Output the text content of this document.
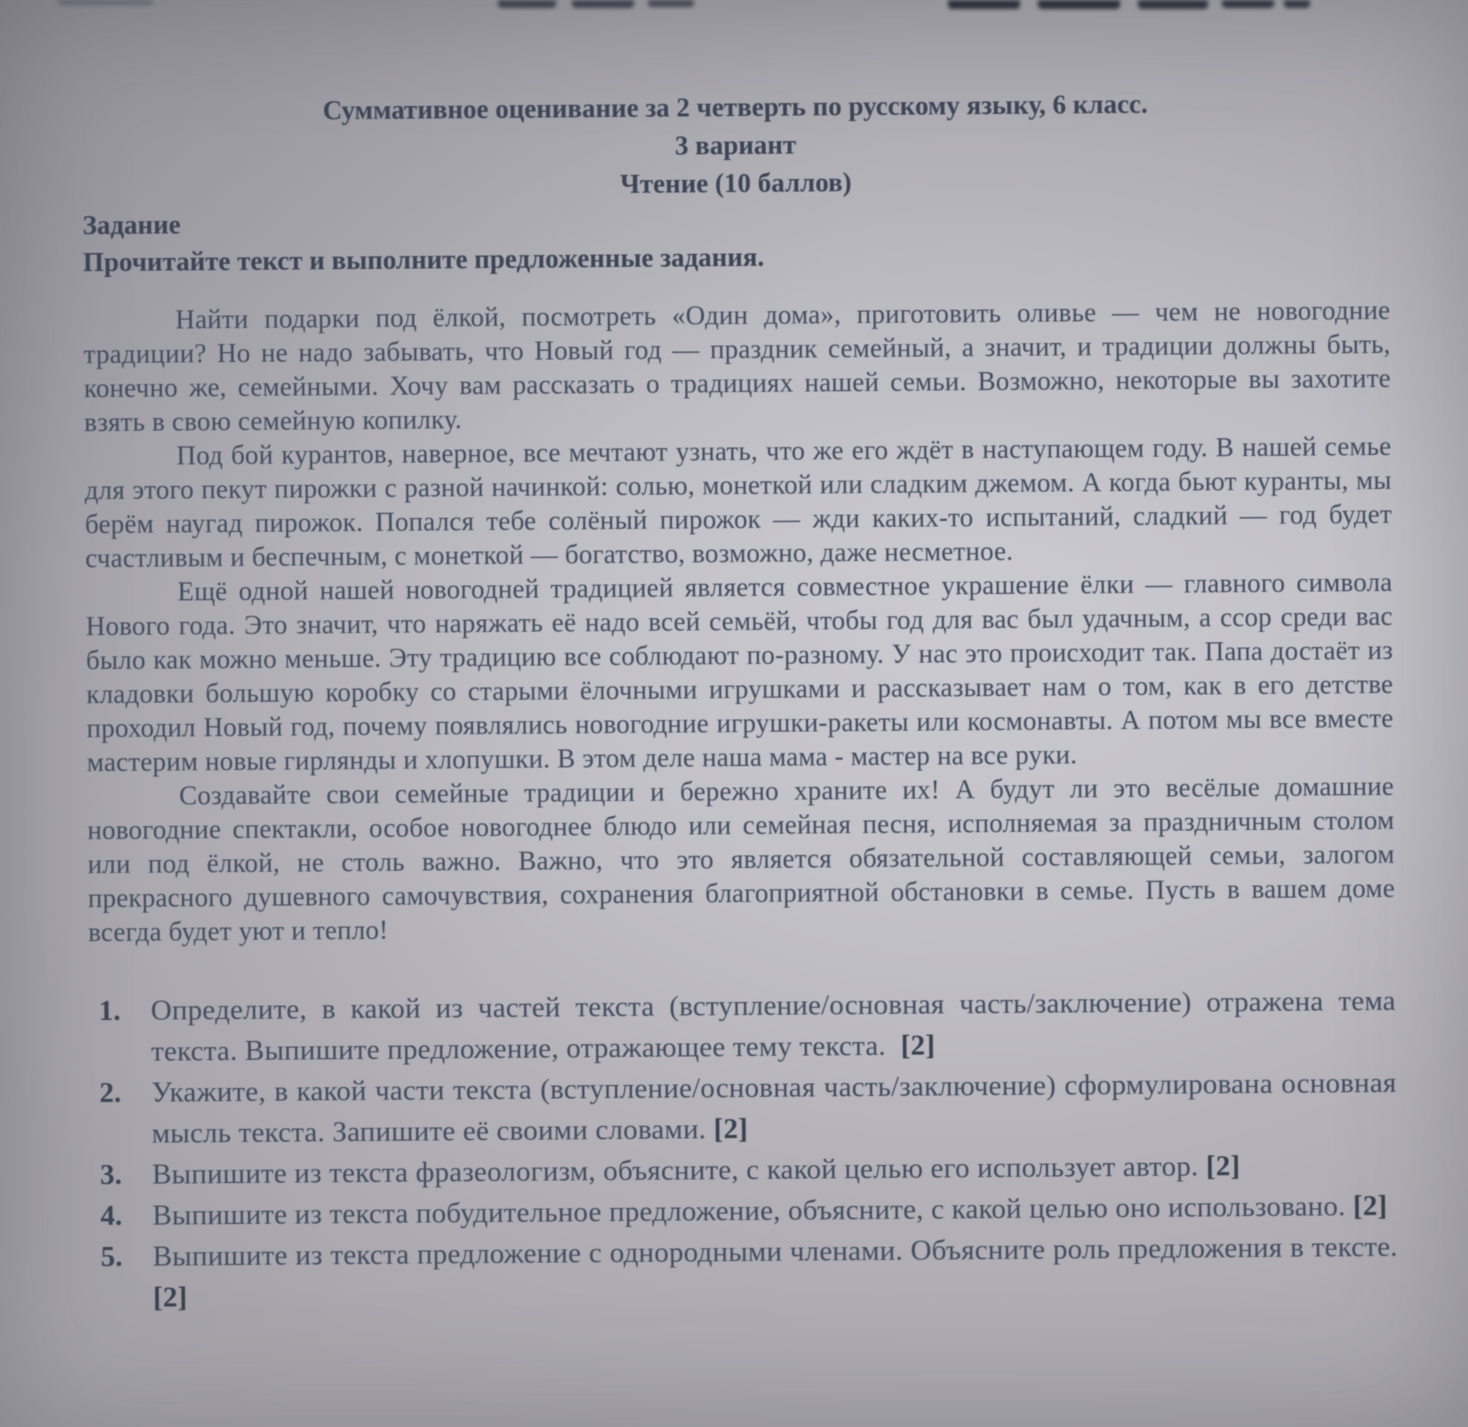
Суммативное оценивание за 2 четверть по русскому языку, 6 класс.
3 вариант
Чтение (10 баллов)
Задание
Прочитайте текст и выполните предложенные задания.

Найти подарки под ёлкой, посмотреть «Один дома», приготовить оливье — чем не новогодние традиции? Но не надо забывать, что Новый год — праздник семейный, а значит, и традиции должны быть, конечно же, семейными. Хочу вам рассказать о традициях нашей семьи. Возможно, некоторые вы захотите взять в свою семейную копилку.

Под бой курантов, наверное, все мечтают узнать, что же его ждёт в наступающем году. В нашей семье для этого пекут пирожки с разной начинкой: солью, монеткой или сладким джемом. А когда бьют куранты, мы берём наугад пирожок. Попался тебе солёный пирожок — жди каких-то испытаний, сладкий — год будет счастливым и беспечным, с монеткой — богатство, возможно, даже несметное.

Ещё одной нашей новогодней традицией является совместное украшение ёлки — главного символа Нового года. Это значит, что наряжать её надо всей семьёй, чтобы год для вас был удачным, а ссор среди вас было как можно меньше. Эту традицию все соблюдают по-разному. У нас это происходит так. Папа достаёт из кладовки большую коробку со старыми ёлочными игрушками и рассказывает нам о том, как в его детстве проходил Новый год, почему появлялись новогодние игрушки-ракеты или космонавты. А потом мы все вместе мастерим новые гирлянды и хлопушки. В этом деле наша мама - мастер на все руки.

Создавайте свои семейные традиции и бережно храните их! А будут ли это весёлые домашние новогодние спектакли, особое новогоднее блюдо или семейная песня, исполняемая за праздничным столом или под ёлкой, не столь важно. Важно, что это является обязательной составляющей семьи, залогом прекрасного душевного самочувствия, сохранения благоприятной обстановки в семье. Пусть в вашем доме всегда будет уют и тепло!

1.	Определите, в какой из частей текста (вступление/основная часть/заключение) отражена тема текста. Выпишите предложение, отражающее тему текста. [2]
2.	Укажите, в какой части текста (вступление/основная часть/заключение) сформулирована основная мысль текста. Запишите её своими словами. [2]
3.	Выпишите из текста фразеологизм, объясните, с какой целью его использует автор. [2]
4.	Выпишите из текста побудительное предложение, объясните, с какой целью оно использовано. [2]
5.	Выпишите из текста предложение с однородными членами. Объясните роль предложения в тексте. [2]
